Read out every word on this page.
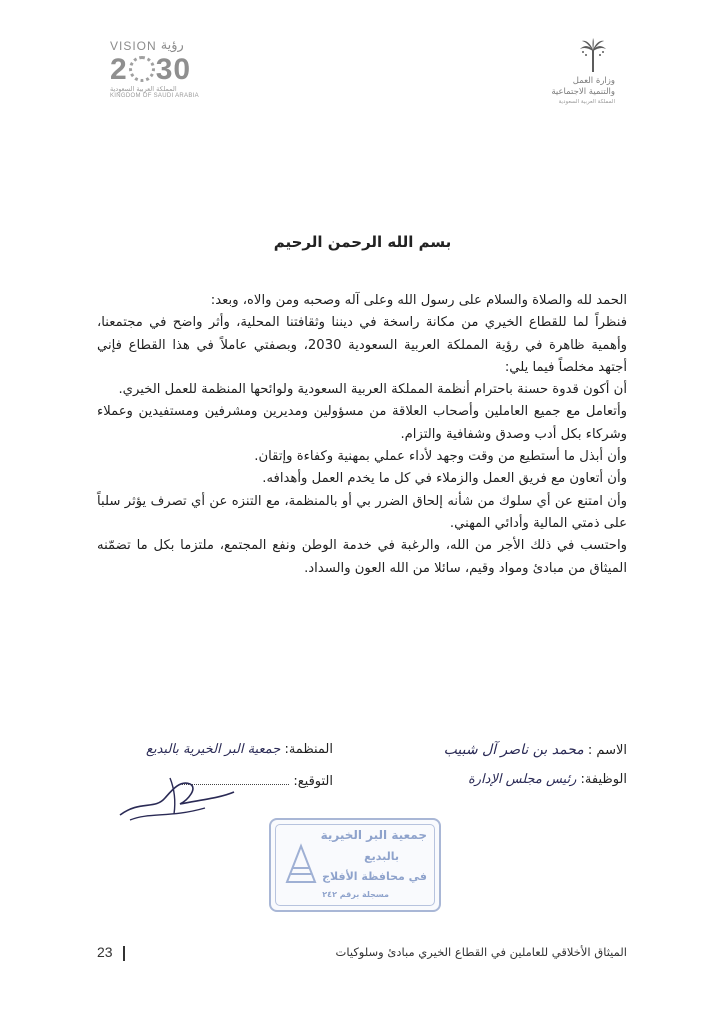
VISION رؤية
2 30
المملكة العربية السعودية
KINGDOM OF SAUDI ARABIA
وزارة العمل
والتنمية الاجتماعية
المملكة العربية السعودية
بسم الله الرحمن الرحيم

الحمد لله والصلاة والسلام على رسول الله وعلى آله وصحبه ومن والاه، وبعد:

فنظراً لما للقطاع الخيري من مكانة راسخة في ديننا وثقافتنا المحلية، وأثر واضح في مجتمعنا، وأهمية ظاهرة في رؤية المملكة العربية السعودية 2030، وبصفتي عاملاً في هذا القطاع فإني أجتهد مخلصاً فيما يلي:

أن أكون قدوة حسنة باحترام أنظمة المملكة العربية السعودية ولوائحها المنظمة للعمل الخيري.

وأتعامل مع جميع العاملين وأصحاب العلاقة من مسؤولين ومديرين ومشرفين ومستفيدين وعملاء وشركاء بكل أدب وصدق وشفافية والتزام.

وأن أبذل ما أستطيع من وقت وجهد لأداء عملي بمهنية وكفاءة وإتقان.

وأن أتعاون مع فريق العمل والزملاء في كل ما يخدم العمل وأهدافه.

وأن امتنع عن أي سلوك من شأنه إلحاق الضرر بي أو بالمنظمة، مع التنزه عن أي تصرف يؤثر سلباً على ذمتي المالية وأدائي المهني.

واحتسب في ذلك الأجر من الله، والرغبة في خدمة الوطن ونفع المجتمع، ملتزما بكل ما تضمّنه الميثاق من مبادئ ومواد وقيم، سائلا من الله العون والسداد.

الاسم : محمد بن ناصر آل شبيب
الوظيفة: رئيس مجلس الإدارة
المنظمة: جمعية البر الخيرية بالبديع
التوقيع:
جمعية البر الخيرية
بالبديع
في محافظة الأفلاج
مسجلة برقم ٢٤٢
23	الميثاق الأخلاقي للعاملين في القطاع الخيري مبادئ وسلوكيات
